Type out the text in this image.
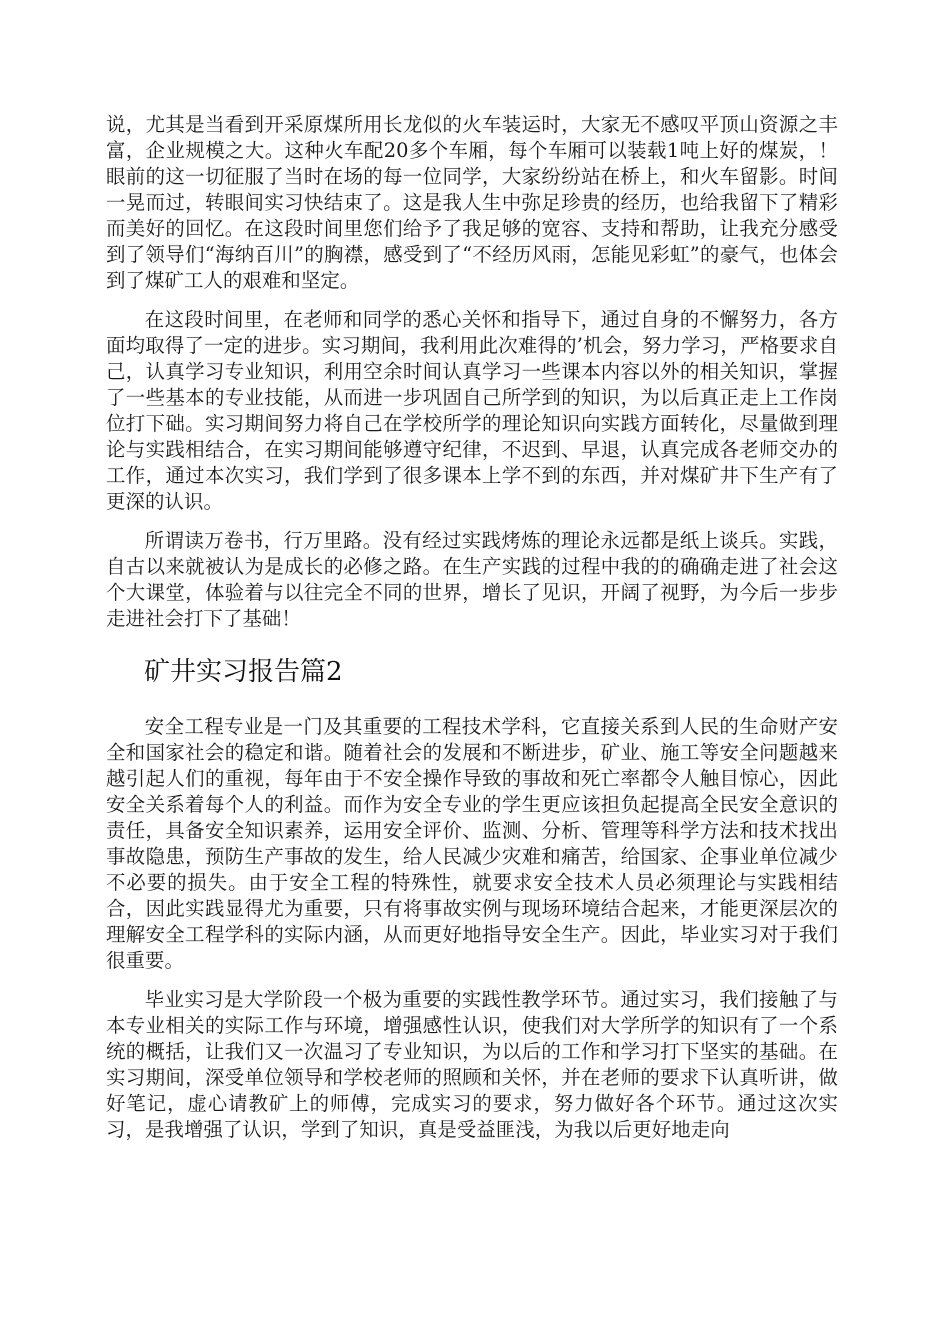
说，尤其是当看到开采原煤所用长龙似的火车装运时，大家无不感叹平顶山资源之丰富，企业规模之大。这种火车配20多个车厢，每个车厢可以装载1吨上好的煤炭，！眼前的这一切征服了当时在场的每一位同学，大家纷纷站在桥上，和火车留影。时间一晃而过，转眼间实习快结束了。这是我人生中弥足珍贵的经历，也给我留下了精彩而美好的回忆。在这段时间里您们给予了我足够的宽容、支持和帮助，让我充分感受到了领导们“海纳百川”的胸襟，感受到了“不经历风雨，怎能见彩虹”的豪气，也体会到了煤矿工人的艰难和坚定。

在这段时间里，在老师和同学的悉心关怀和指导下，通过自身的不懈努力，各方面均取得了一定的进步。实习期间，我利用此次难得的’机会，努力学习，严格要求自己，认真学习专业知识，利用空余时间认真学习一些课本内容以外的相关知识，掌握了一些基本的专业技能，从而进一步巩固自己所学到的知识，为以后真正走上工作岗位打下础。实习期间努力将自己在学校所学的理论知识向实践方面转化，尽量做到理论与实践相结合，在实习期间能够遵守纪律，不迟到、早退，认真完成各老师交办的工作，通过本次实习，我们学到了很多课本上学不到的东西，并对煤矿井下生产有了更深的认识。

所谓读万卷书，行万里路。没有经过实践烤炼的理论永远都是纸上谈兵。实践，自古以来就被认为是成长的必修之路。在生产实践的过程中我的的确确走进了社会这个大课堂，体验着与以往完全不同的世界，增长了见识，开阔了视野，为今后一步步走进社会打下了基础！

矿井实习报告篇2

安全工程专业是一门及其重要的工程技术学科，它直接关系到人民的生命财产安全和国家社会的稳定和谐。随着社会的发展和不断进步，矿业、施工等安全问题越来越引起人们的重视，每年由于不安全操作导致的事故和死亡率都令人触目惊心，因此安全关系着每个人的利益。而作为安全专业的学生更应该担负起提高全民安全意识的责任，具备安全知识素养，运用安全评价、监测、分析、管理等科学方法和技术找出事故隐患，预防生产事故的发生，给人民减少灾难和痛苦，给国家、企事业单位减少不必要的损失。由于安全工程的特殊性，就要求安全技术人员必须理论与实践相结合，因此实践显得尤为重要，只有将事故实例与现场环境结合起来，才能更深层次的理解安全工程学科的实际内涵，从而更好地指导安全生产。因此，毕业实习对于我们很重要。

毕业实习是大学阶段一个极为重要的实践性教学环节。通过实习，我们接触了与本专业相关的实际工作与环境，增强感性认识，使我们对大学所学的知识有了一个系统的概括，让我们又一次温习了专业知识，为以后的工作和学习打下坚实的基础。在实习期间，深受单位领导和学校老师的照顾和关怀，并在老师的要求下认真听讲，做好笔记，虚心请教矿上的师傅，完成实习的要求，努力做好各个环节。通过这次实习，是我增强了认识，学到了知识，真是受益匪浅，为我以后更好地走向
